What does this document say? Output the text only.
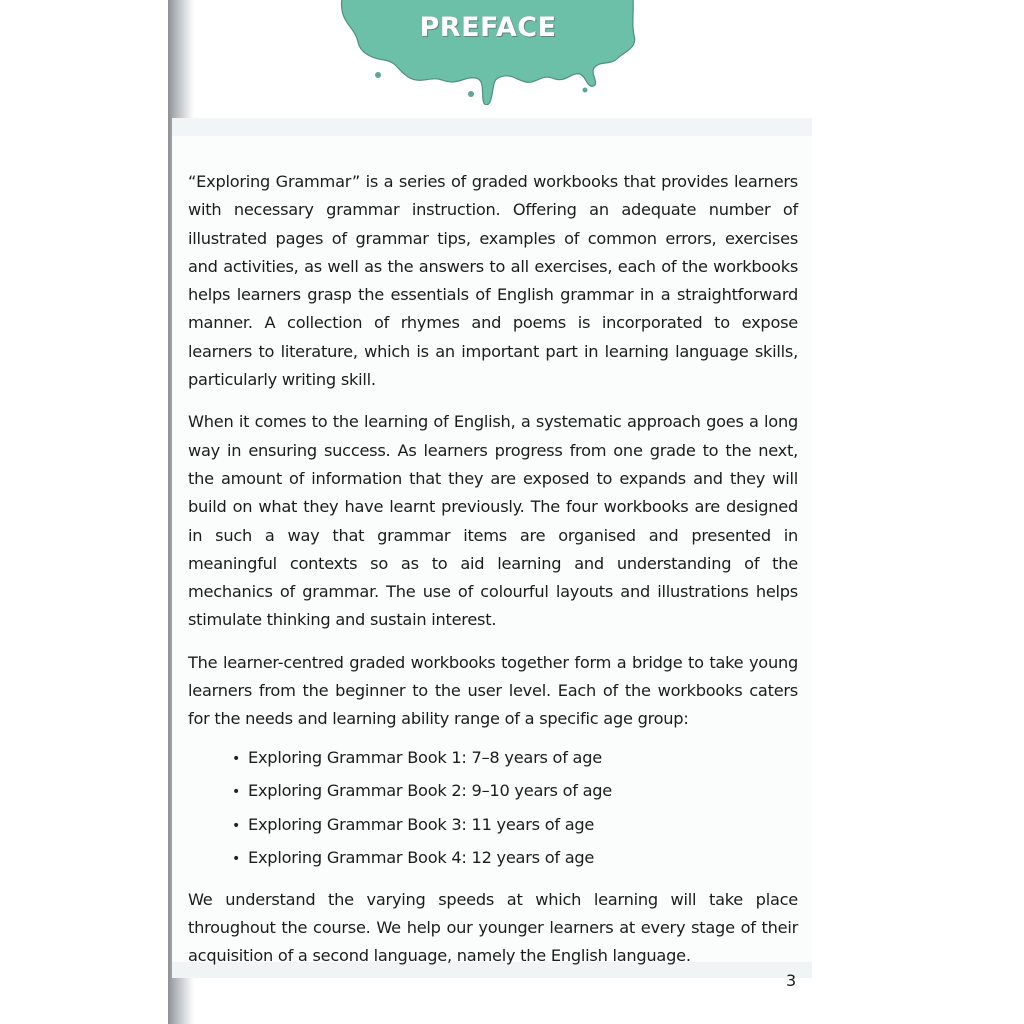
PREFACE

“Exploring Grammar” is a series of graded workbooks that provides learners with necessary grammar instruction. Offering an adequate number of illustrated pages of grammar tips, examples of common errors, exercises and activities, as well as the answers to all exercises, each of the workbooks helps learners grasp the essentials of English grammar in a straightforward manner. A collection of rhymes and poems is incorporated to expose learners to literature, which is an important part in learning language skills, particularly writing skill.

When it comes to the learning of English, a systematic approach goes a long way in ensuring success. As learners progress from one grade to the next, the amount of information that they are exposed to expands and they will build on what they have learnt previously. The four workbooks are designed in such a way that grammar items are organised and presented in meaningful contexts so as to aid learning and understanding of the mechanics of grammar. The use of colourful layouts and illustrations helps stimulate thinking and sustain interest.

The learner-centred graded workbooks together form a bridge to take young learners from the beginner to the user level. Each of the workbooks caters for the needs and learning ability range of a specific age group:

• Exploring Grammar Book 1: 7–8 years of age
• Exploring Grammar Book 2: 9–10 years of age
• Exploring Grammar Book 3: 11 years of age
• Exploring Grammar Book 4: 12 years of age

We understand the varying speeds at which learning will take place throughout the course. We help our younger learners at every stage of their acquisition of a second language, namely the English language.

3
